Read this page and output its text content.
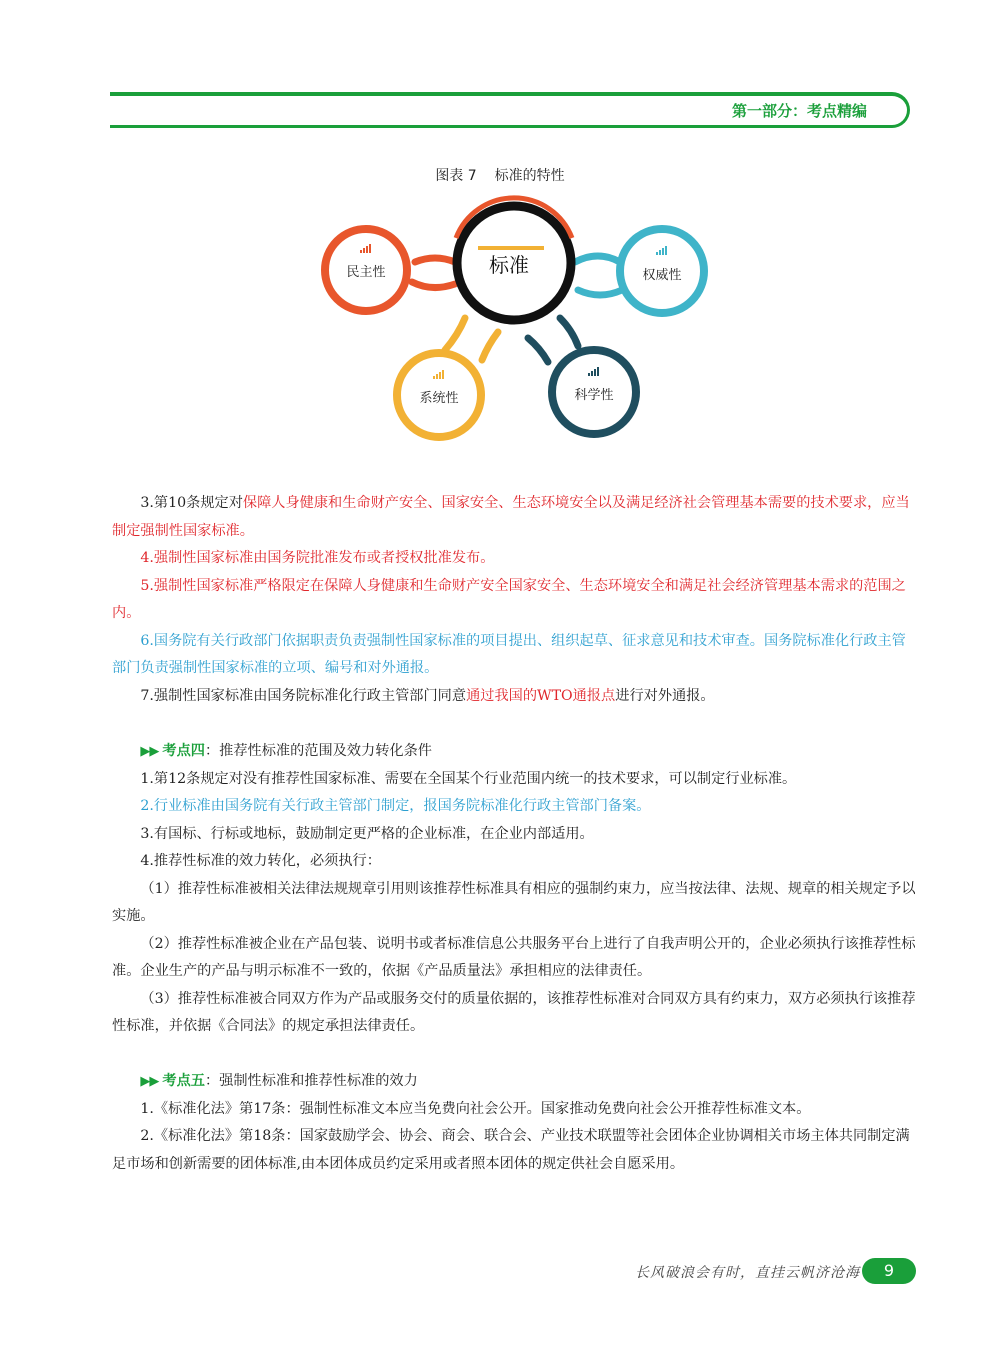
第一部分：考点精编
图表 7 标准的特性
标准
民主性	权威性
系统性	科学性

3.第10条规定对保障人身健康和生命财产安全、国家安全、生态环境安全以及满足经济社会管理基本需要的技术要求，应当制定强制性国家标准。

4.强制性国家标准由国务院批准发布或者授权批准发布。

5.强制性国家标准严格限定在保障人身健康和生命财产安全国家安全、生态环境安全和满足社会经济管理基本需求的范围之内。

6.国务院有关行政部门依据职责负责强制性国家标准的项目提出、组织起草、征求意见和技术审查。国务院标准化行政主管部门负责强制性国家标准的立项、编号和对外通报。

7.强制性国家标准由国务院标准化行政主管部门同意通过我国的WTO通报点进行对外通报。

▶▶ 考点四：推荐性标准的范围及效力转化条件

1.第12条规定对没有推荐性国家标准、需要在全国某个行业范围内统一的技术要求，可以制定行业标准。

2.行业标准由国务院有关行政主管部门制定，报国务院标准化行政主管部门备案。

3.有国标、行标或地标，鼓励制定更严格的企业标准，在企业内部适用。

4.推荐性标准的效力转化，必须执行：

（1）推荐性标准被相关法律法规规章引用则该推荐性标准具有相应的强制约束力，应当按法律、法规、规章的相关规定予以实施。

（2）推荐性标准被企业在产品包装、说明书或者标准信息公共服务平台上进行了自我声明公开的，企业必须执行该推荐性标准。企业生产的产品与明示标准不一致的，依据《产品质量法》承担相应的法律责任。

（3）推荐性标准被合同双方作为产品或服务交付的质量依据的，该推荐性标准对合同双方具有约束力，双方必须执行该推荐性标准，并依据《合同法》的规定承担法律责任。

▶▶ 考点五：强制性标准和推荐性标准的效力

1.《标准化法》第17条：强制性标准文本应当免费向社会公开。国家推动免费向社会公开推荐性标准文本。

2.《标准化法》第18条：国家鼓励学会、协会、商会、联合会、产业技术联盟等社会团体企业协调相关市场主体共同制定满足市场和创新需要的团体标准,由本团体成员约定采用或者照本团体的规定供社会自愿采用。

长风破浪会有时，直挂云帆济沧海	9
